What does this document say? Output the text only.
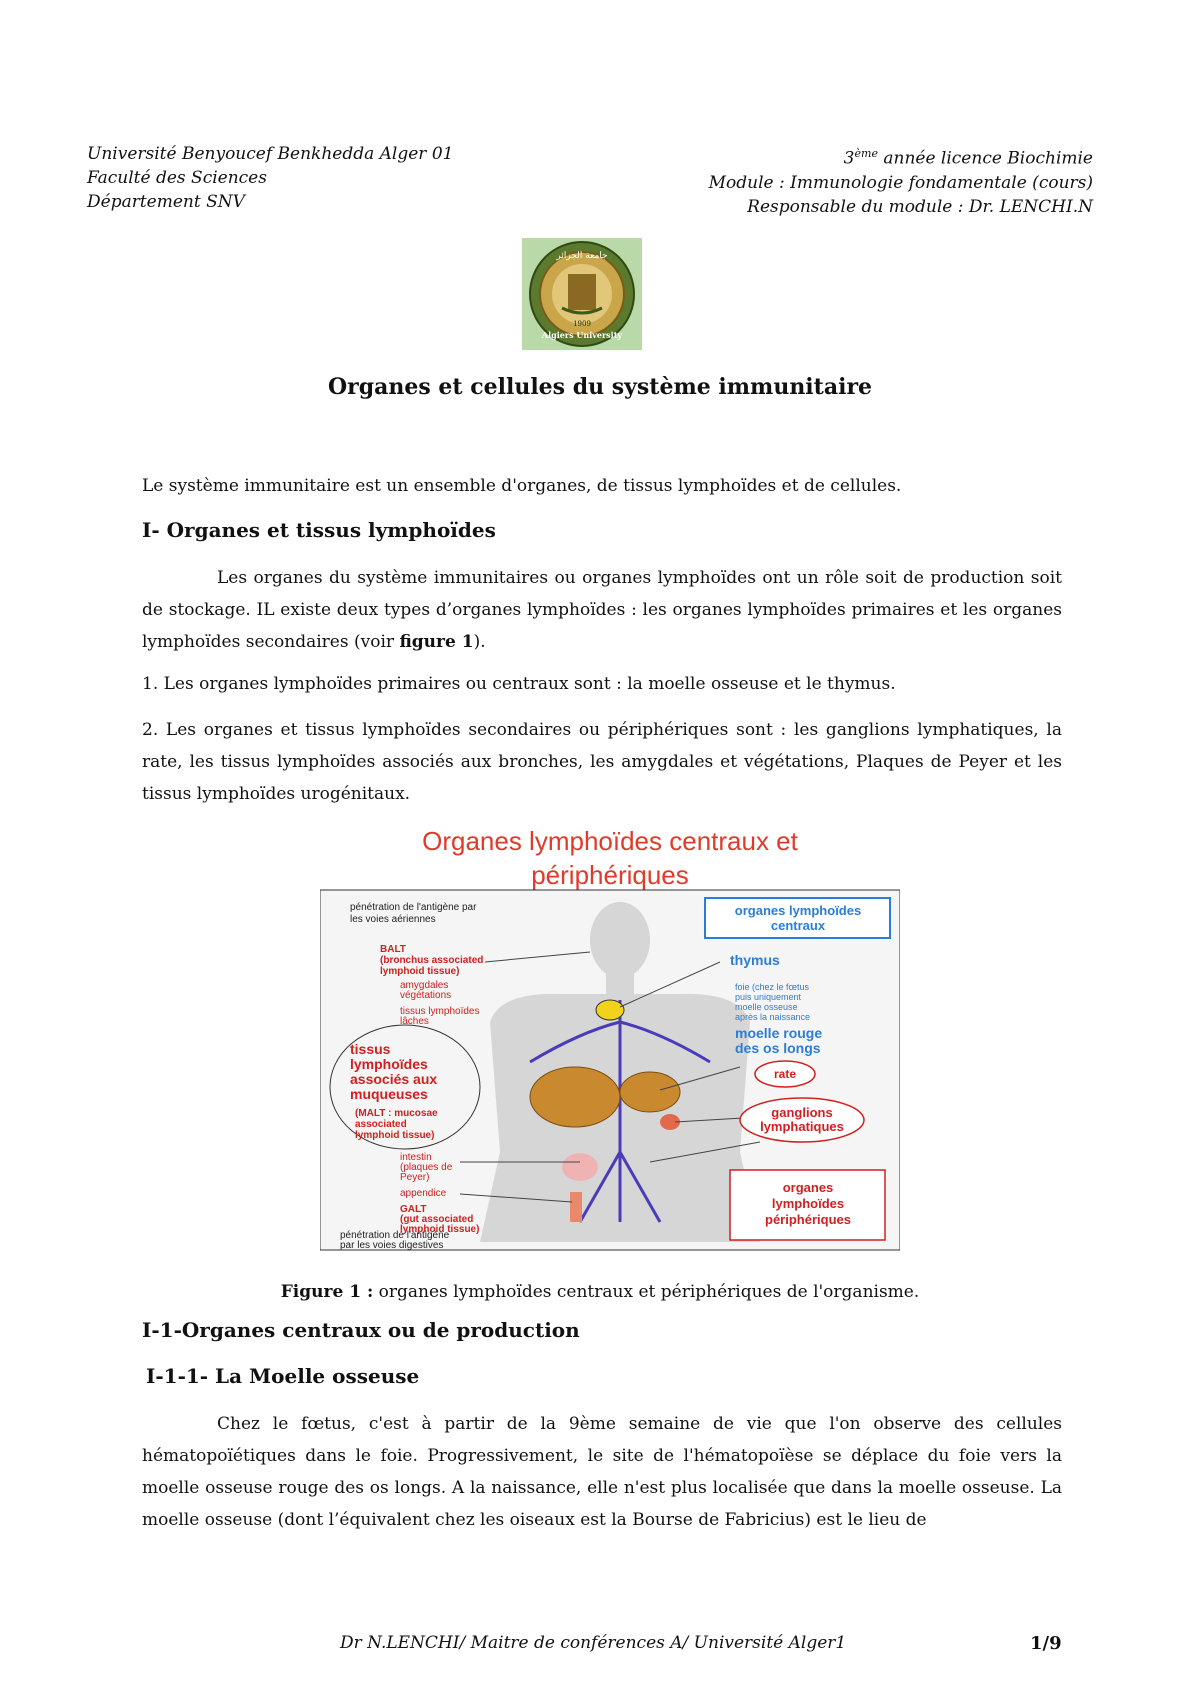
Université Benyoucef Benkhedda Alger 01
Faculté des Sciences
Département SNV
3ème année licence Biochimie
Module : Immunologie fondamentale (cours)
Responsable du module : Dr. LENCHI.N
جامعة الجزائر
1909
Algiers University
Organes et cellules du système immunitaire

Le système immunitaire est un ensemble d'organes, de tissus lymphoïdes et de cellules.

I- Organes et tissus lymphoïdes

Les organes du système immunitaires ou organes lymphoïdes ont un rôle soit de production soit de stockage. IL existe deux types d’organes lymphoïdes : les organes lymphoïdes primaires et les organes lymphoïdes secondaires (voir figure 1).

1. Les organes lymphoïdes primaires ou centraux sont : la moelle osseuse et le thymus.

2. Les organes et tissus lymphoïdes secondaires ou périphériques sont : les ganglions lymphatiques, la rate, les tissus lymphoïdes associés aux bronches, les amygdales et végétations, Plaques de Peyer et les tissus lymphoïdes urogénitaux.

Organes lymphoïdes centraux et
périphériques
pénétration de l'antigène par
les voies aériennes
BALT
(bronchus associated
lymphoid tissue)
amygdales
végétations
tissus lymphoïdes
lâches
tissus
lymphoïdes
associés aux
muqueuses
(MALT : mucosae
associated
lymphoid tissue)
intestin
(plaques de
Peyer)
appendice
GALT
(gut associated
lymphoid tissue)
pénétration de l'antigène
par les voies digestives
organes lymphoïdes
centraux
thymus
foie (chez le fœtus
puis uniquement
moelle osseuse
après la naissance
moelle rouge
des os longs
rate
ganglions
lymphatiques
organes
lymphoïdes
périphériques
Figure 1 : organes lymphoïdes centraux et périphériques de l'organisme.
I-1-Organes centraux ou de production
I-1-1- La Moelle osseuse

Chez le fœtus, c'est à partir de la 9ème semaine de vie que l'on observe des cellules hématopoïétiques dans le foie. Progressivement, le site de l'hématopoïèse se déplace du foie vers la moelle osseuse rouge des os longs. A la naissance, elle n'est plus localisée que dans la moelle osseuse. La moelle osseuse (dont l’équivalent chez les oiseaux est la Bourse de Fabricius) est le lieu de

Dr N.LENCHI/ Maitre de conférences A/ Université Alger1	1/9
